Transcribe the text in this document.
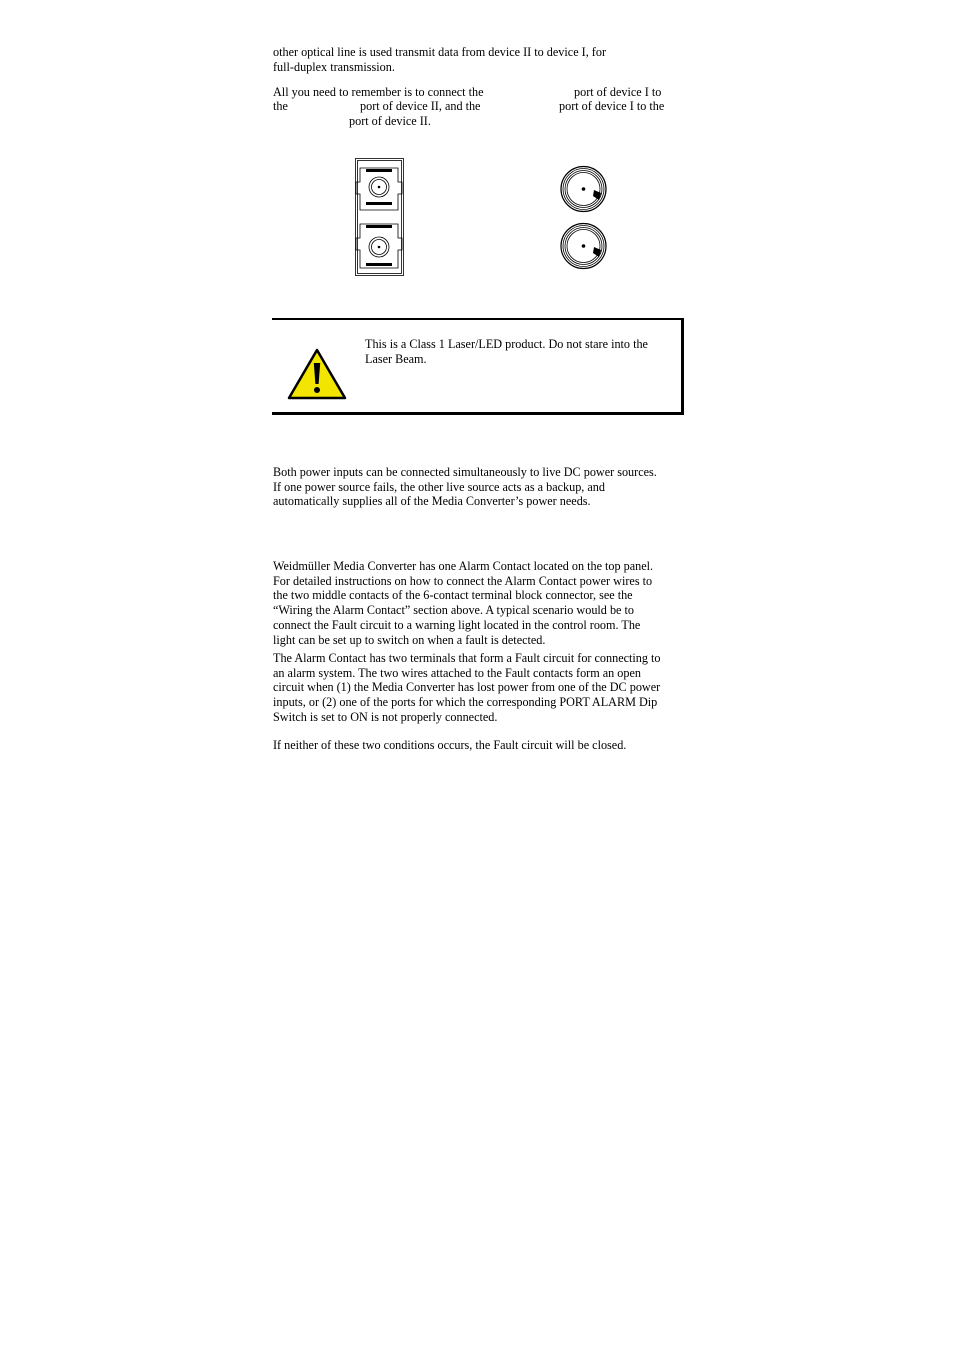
other optical line is used transmit data from device II to device I, for
full-duplex transmission.

All you need to remember is to connect the	port of device I to
the	port of device II, and the	port of device I to the
port of device II.
This is a Class 1 Laser/LED product. Do not stare into the
Laser Beam.

Both power inputs can be connected simultaneously to live DC power sources.
If one power source fails, the other live source acts as a backup, and
automatically supplies all of the Media Converter’s power needs.

Weidmüller Media Converter has one Alarm Contact located on the top panel.
For detailed instructions on how to connect the Alarm Contact power wires to
the two middle contacts of the 6-contact terminal block connector, see the
“Wiring the Alarm Contact” section above. A typical scenario would be to
connect the Fault circuit to a warning light located in the control room. The
light can be set up to switch on when a fault is detected.

The Alarm Contact has two terminals that form a Fault circuit for connecting to
an alarm system. The two wires attached to the Fault contacts form an open
circuit when (1) the Media Converter has lost power from one of the DC power
inputs, or (2) one of the ports for which the corresponding PORT ALARM Dip
Switch is set to ON is not properly connected.

If neither of these two conditions occurs, the Fault circuit will be closed.
